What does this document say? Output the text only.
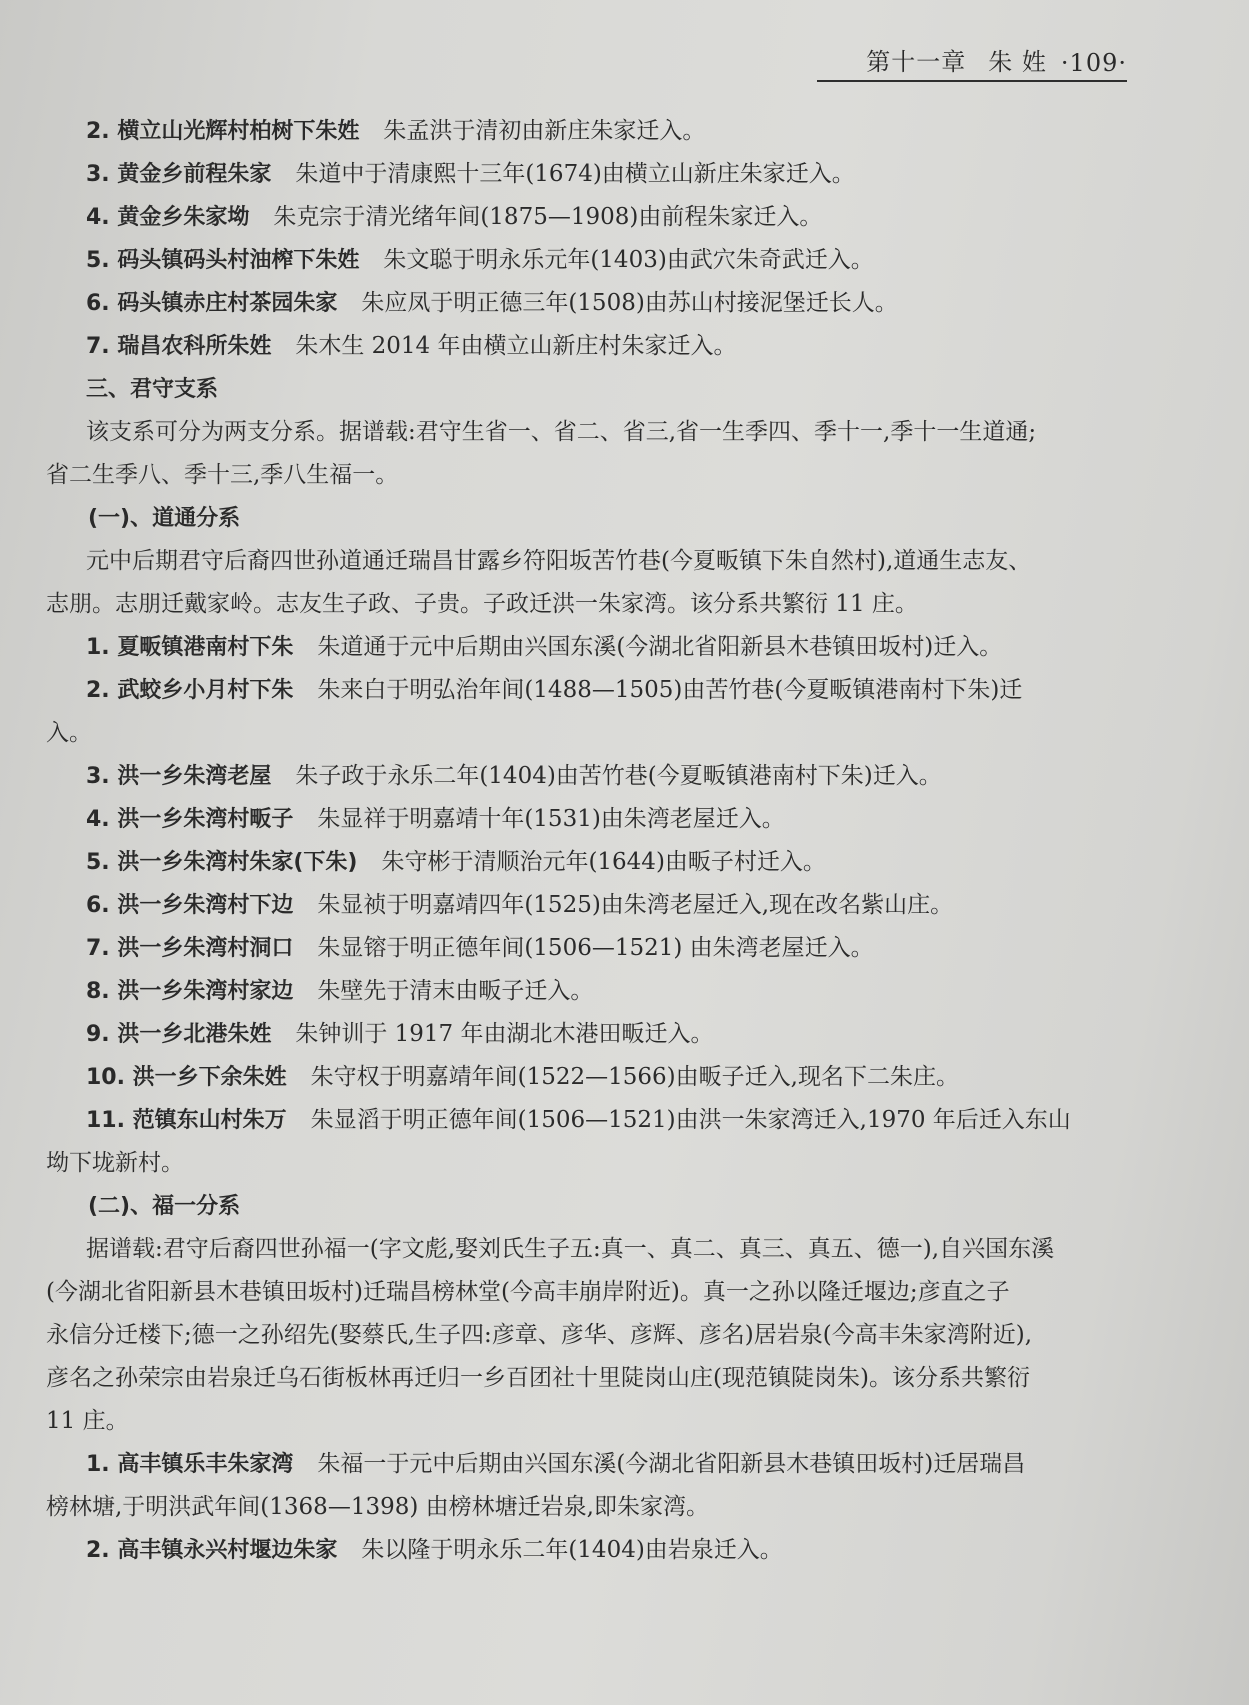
第十一章 朱 姓 ·109·

2. 横立山光辉村柏树下朱姓 朱孟洪于清初由新庄朱家迁入。

3. 黄金乡前程朱家 朱道中于清康熙十三年(1674)由横立山新庄朱家迁入。

4. 黄金乡朱家坳 朱克宗于清光绪年间(1875—1908)由前程朱家迁入。

5. 码头镇码头村油榨下朱姓 朱文聪于明永乐元年(1403)由武穴朱奇武迁入。

6. 码头镇赤庄村茶园朱家 朱应凤于明正德三年(1508)由苏山村接泥堡迁长人。

7. 瑞昌农科所朱姓 朱木生 2014 年由横立山新庄村朱家迁入。

三、君守支系

该支系可分为两支分系。据谱载:君守生省一、省二、省三,省一生季四、季十一,季十一生道通;

省二生季八、季十三,季八生福一。

(一)、道通分系

元中后期君守后裔四世孙道通迁瑞昌甘露乡符阳坂苦竹巷(今夏畈镇下朱自然村),道通生志友、

志朋。志朋迁戴家岭。志友生子政、子贵。子政迁洪一朱家湾。该分系共繁衍 11 庄。

1. 夏畈镇港南村下朱 朱道通于元中后期由兴国东溪(今湖北省阳新县木巷镇田坂村)迁入。

2. 武蛟乡小月村下朱 朱来白于明弘治年间(1488—1505)由苦竹巷(今夏畈镇港南村下朱)迁

入。

3. 洪一乡朱湾老屋 朱子政于永乐二年(1404)由苦竹巷(今夏畈镇港南村下朱)迁入。

4. 洪一乡朱湾村畈子 朱显祥于明嘉靖十年(1531)由朱湾老屋迁入。

5. 洪一乡朱湾村朱家(下朱) 朱守彬于清顺治元年(1644)由畈子村迁入。

6. 洪一乡朱湾村下边 朱显祯于明嘉靖四年(1525)由朱湾老屋迁入,现在改名紫山庄。

7. 洪一乡朱湾村洞口 朱显镕于明正德年间(1506—1521) 由朱湾老屋迁入。

8. 洪一乡朱湾村家边 朱壁先于清末由畈子迁入。

9. 洪一乡北港朱姓 朱钟训于 1917 年由湖北木港田畈迁入。

10. 洪一乡下余朱姓 朱守权于明嘉靖年间(1522—1566)由畈子迁入,现名下二朱庄。

11. 范镇东山村朱万 朱显滔于明正德年间(1506—1521)由洪一朱家湾迁入,1970 年后迁入东山

坳下垅新村。

(二)、福一分系

据谱载:君守后裔四世孙福一(字文彪,娶刘氏生子五:真一、真二、真三、真五、德一),自兴国东溪

(今湖北省阳新县木巷镇田坂村)迁瑞昌榜林堂(今高丰崩岸附近)。真一之孙以隆迁堰边;彦直之子

永信分迁楼下;德一之孙绍先(娶蔡氏,生子四:彦章、彦华、彦辉、彦名)居岩泉(今高丰朱家湾附近),

彦名之孙荣宗由岩泉迁乌石街板林再迁归一乡百团社十里陡岗山庄(现范镇陡岗朱)。该分系共繁衍

11 庄。

1. 高丰镇乐丰朱家湾 朱福一于元中后期由兴国东溪(今湖北省阳新县木巷镇田坂村)迁居瑞昌

榜林塘,于明洪武年间(1368—1398) 由榜林塘迁岩泉,即朱家湾。

2. 高丰镇永兴村堰边朱家 朱以隆于明永乐二年(1404)由岩泉迁入。
